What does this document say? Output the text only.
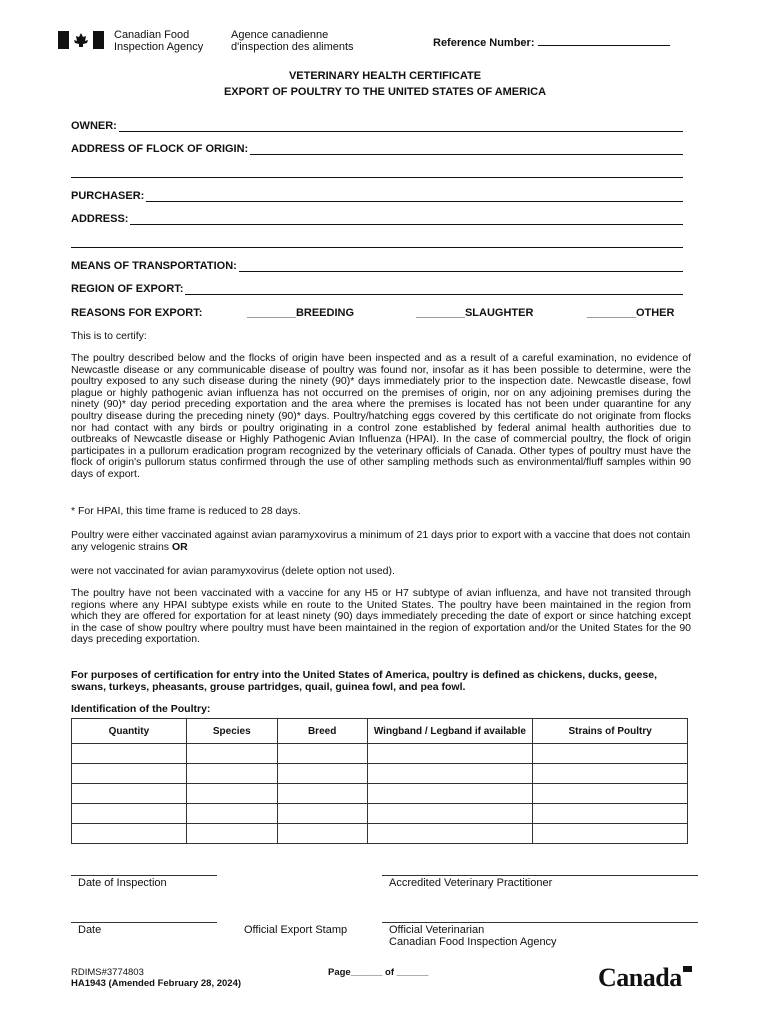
Canadian Food
Inspection Agency
Agence canadienne
d'inspection des aliments	Reference Number:
VETERINARY HEALTH CERTIFICATE
EXPORT OF POULTRY TO THE UNITED STATES OF AMERICA
OWNER:
ADDRESS OF FLOCK OF ORIGIN:
PURCHASER:
ADDRESS:
MEANS OF TRANSPORTATION:
REGION OF EXPORT:
REASONS FOR EXPORT:	________BREEDING	________SLAUGHTER	________OTHER
This is to certify:
The poultry described below and the flocks of origin have been inspected and as a result of a careful examination, no evidence of Newcastle disease or any communicable disease of poultry was found nor, insofar as it has been possible to determine, were the poultry exposed to any such disease during the ninety (90)* days immediately prior to the inspection date. Newcastle disease, fowl plague or highly pathogenic avian influenza has not occurred on the premises of origin, nor on any adjoining premises during the ninety (90)* day period preceding exportation and the area where the premises is located has not been under quarantine for any poultry disease during the preceding ninety (90)* days. Poultry/hatching eggs covered by this certificate do not originate from flocks nor had contact with any birds or poultry originating in a control zone established by federal animal health authorities due to outbreaks of Newcastle disease or Highly Pathogenic Avian Influenza (HPAI). In the case of commercial poultry, the flock of origin participates in a pullorum eradication program recognized by the veterinary officials of Canada. Other types of poultry must have the flock of origin's pullorum status confirmed through the use of other sampling methods such as environmental/fluff samples within 90 days of export.
* For HPAI, this time frame is reduced to 28 days.
Poultry were either vaccinated against avian paramyxovirus a minimum of 21 days prior to export with a vaccine that does not contain any velogenic strains OR
were not vaccinated for avian paramyxovirus (delete option not used).
The poultry have not been vaccinated with a vaccine for any H5 or H7 subtype of avian influenza, and have not transited through regions where any HPAI subtype exists while en route to the United States. The poultry have been maintained in the region from which they are offered for exportation for at least ninety (90) days immediately preceding the date of export or since hatching except in the case of show poultry where poultry must have been maintained in the region of exportation and/or the United States for the 90 days preceding exportation.
For purposes of certification for entry into the United States of America, poultry is defined as chickens, ducks, geese, swans, turkeys, pheasants, grouse partridges, quail, guinea fowl, and pea fowl.
Identification of the Poultry:
Quantity	Species	Breed	Wingband / Legband if available	Strains of Poultry

Date of Inspection	Accredited Veterinary Practitioner
Date	Official Export Stamp	Official Veterinarian
Canadian Food Inspection Agency
RDIMS#3774803
HA1943 (Amended February 28, 2024)
Page______ of ______	Canada
